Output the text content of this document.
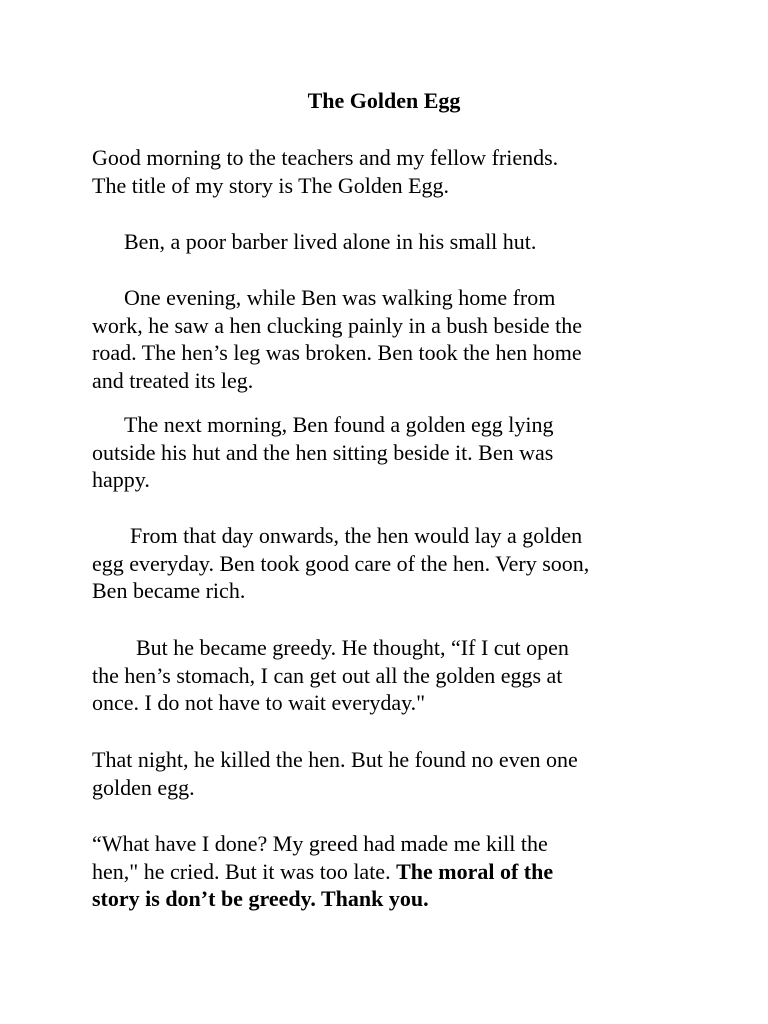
The Golden Egg

Good morning to the teachers and my fellow friends.
The title of my story is The Golden Egg.

Ben, a poor barber lived alone in his small hut.

One evening, while Ben was walking home from
work, he saw a hen clucking painly in a bush beside the
road. The hen’s leg was broken. Ben took the hen home
and treated its leg.

The next morning, Ben found a golden egg lying
outside his hut and the hen sitting beside it. Ben was
happy.

From that day onwards, the hen would lay a golden
egg everyday. Ben took good care of the hen. Very soon,
Ben became rich.

But he became greedy. He thought, “If I cut open
the hen’s stomach, I can get out all the golden eggs at
once. I do not have to wait everyday."

That night, he killed the hen. But he found no even one
golden egg.

“What have I done? My greed had made me kill the
hen," he cried. But it was too late. The moral of the
story is don’t be greedy. Thank you.
